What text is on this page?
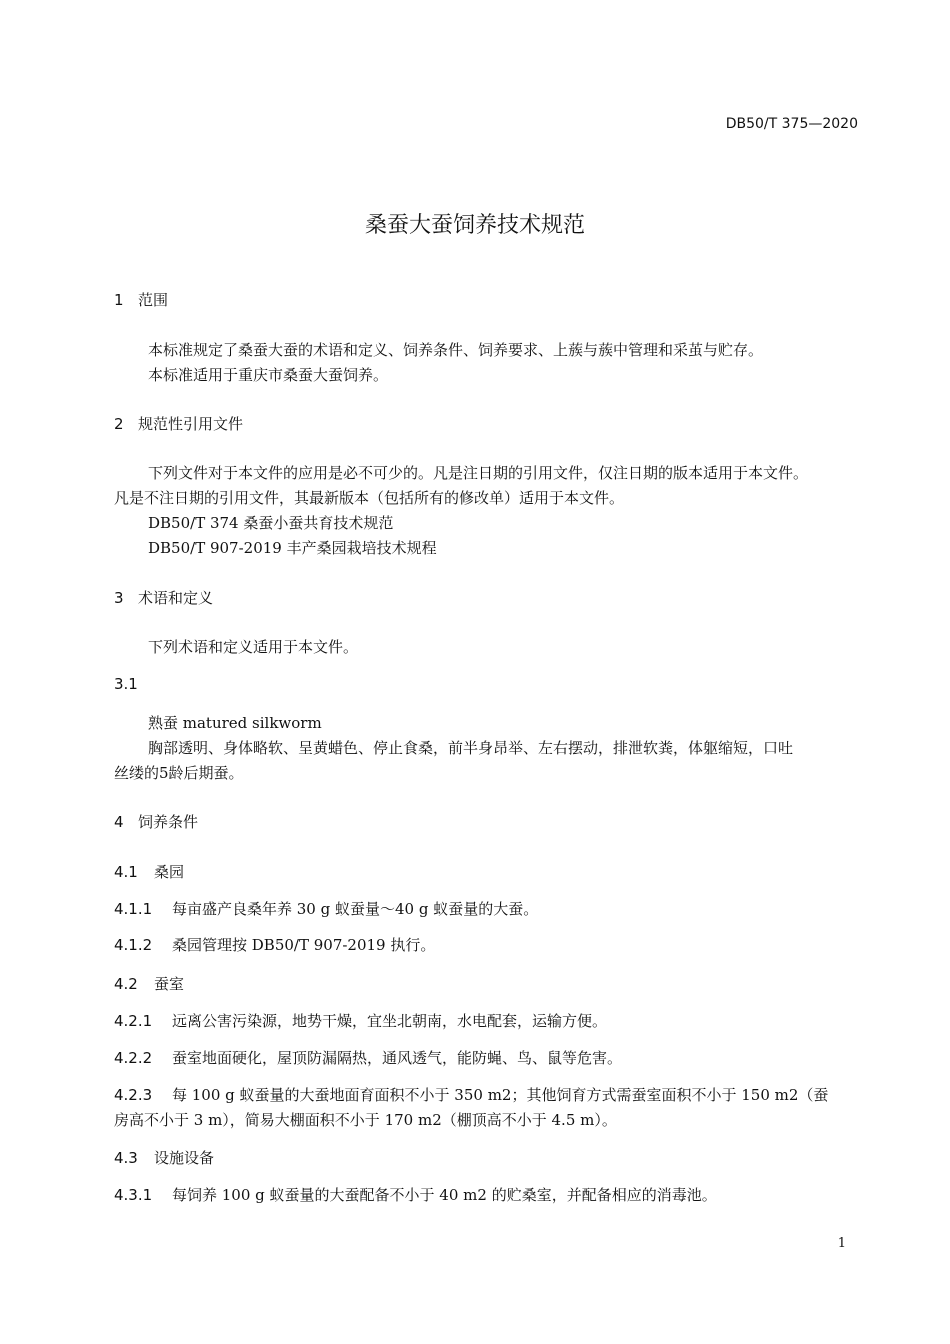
DB50/T 375—2020
桑蚕大蚕饲养技术规范
1 范围
本标准规定了桑蚕大蚕的术语和定义、饲养条件、饲养要求、上蔟与蔟中管理和采茧与贮存。
本标准适用于重庆市桑蚕大蚕饲养。
2 规范性引用文件
下列文件对于本文件的应用是必不可少的。凡是注日期的引用文件，仅注日期的版本适用于本文件。
凡是不注日期的引用文件，其最新版本（包括所有的修改单）适用于本文件。
DB50/T 374 桑蚕小蚕共育技术规范
DB50/T 907-2019 丰产桑园栽培技术规程
3 术语和定义
下列术语和定义适用于本文件。
3.1
熟蚕 matured silkworm
胸部透明、身体略软、呈黄蜡色、停止食桑，前半身昂举、左右摆动，排泄软粪，体躯缩短，口吐
丝缕的5龄后期蚕。
4 饲养条件
4.1 桑园
4.1.1 每亩盛产良桑年养 30 g 蚁蚕量～40 g 蚁蚕量的大蚕。
4.1.2 桑园管理按 DB50/T 907-2019 执行。
4.2 蚕室
4.2.1 远离公害污染源，地势干燥，宜坐北朝南，水电配套，运输方便。
4.2.2 蚕室地面硬化，屋顶防漏隔热，通风透气，能防蝇、鸟、鼠等危害。
4.2.3 每 100 g 蚁蚕量的大蚕地面育面积不小于 350 m2；其他饲育方式需蚕室面积不小于 150 m2（蚕
房高不小于 3 m），简易大棚面积不小于 170 m2（棚顶高不小于 4.5 m）。
4.3 设施设备
4.3.1 每饲养 100 g 蚁蚕量的大蚕配备不小于 40 m2 的贮桑室，并配备相应的消毒池。
1
